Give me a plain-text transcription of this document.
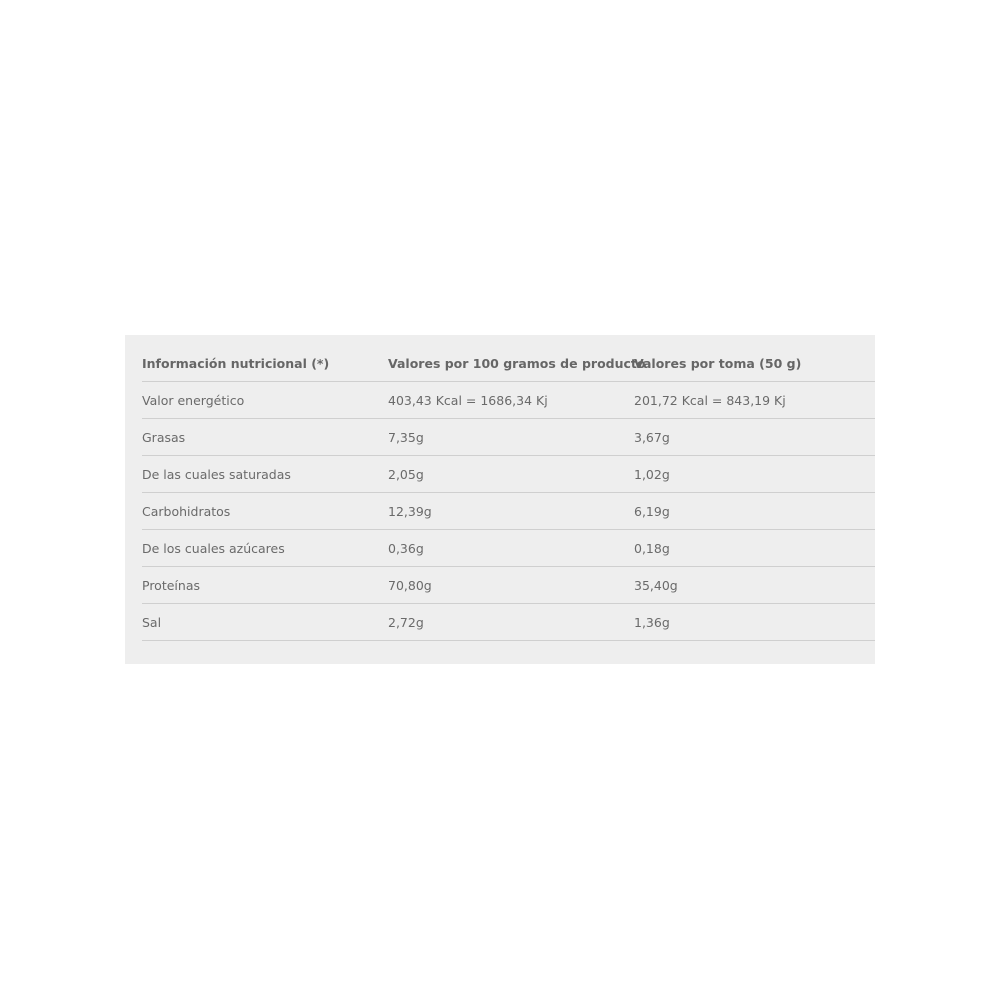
Información nutricional (*)	Valores por 100 gramos de producto	Valores por toma (50 g)
Valor energético	403,43 Kcal = 1686,34 Kj	201,72 Kcal = 843,19 Kj
Grasas	7,35g	3,67g
De las cuales saturadas	2,05g	1,02g
Carbohidratos	12,39g	6,19g
De los cuales azúcares	0,36g	0,18g
Proteínas	70,80g	35,40g
Sal	2,72g	1,36g
